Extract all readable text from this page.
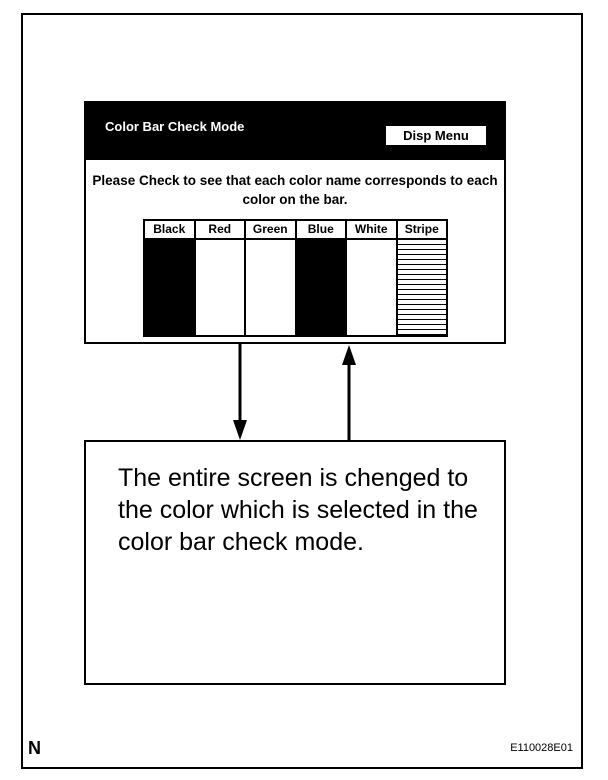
Color Bar Check Mode
Disp Menu
Please Check to see that each color name corresponds to each color on the bar.
Black	Red	Green	Blue	White	Stripe
The entire screen is chenged to the color which is selected in the color bar check mode.
N	E110028E01
